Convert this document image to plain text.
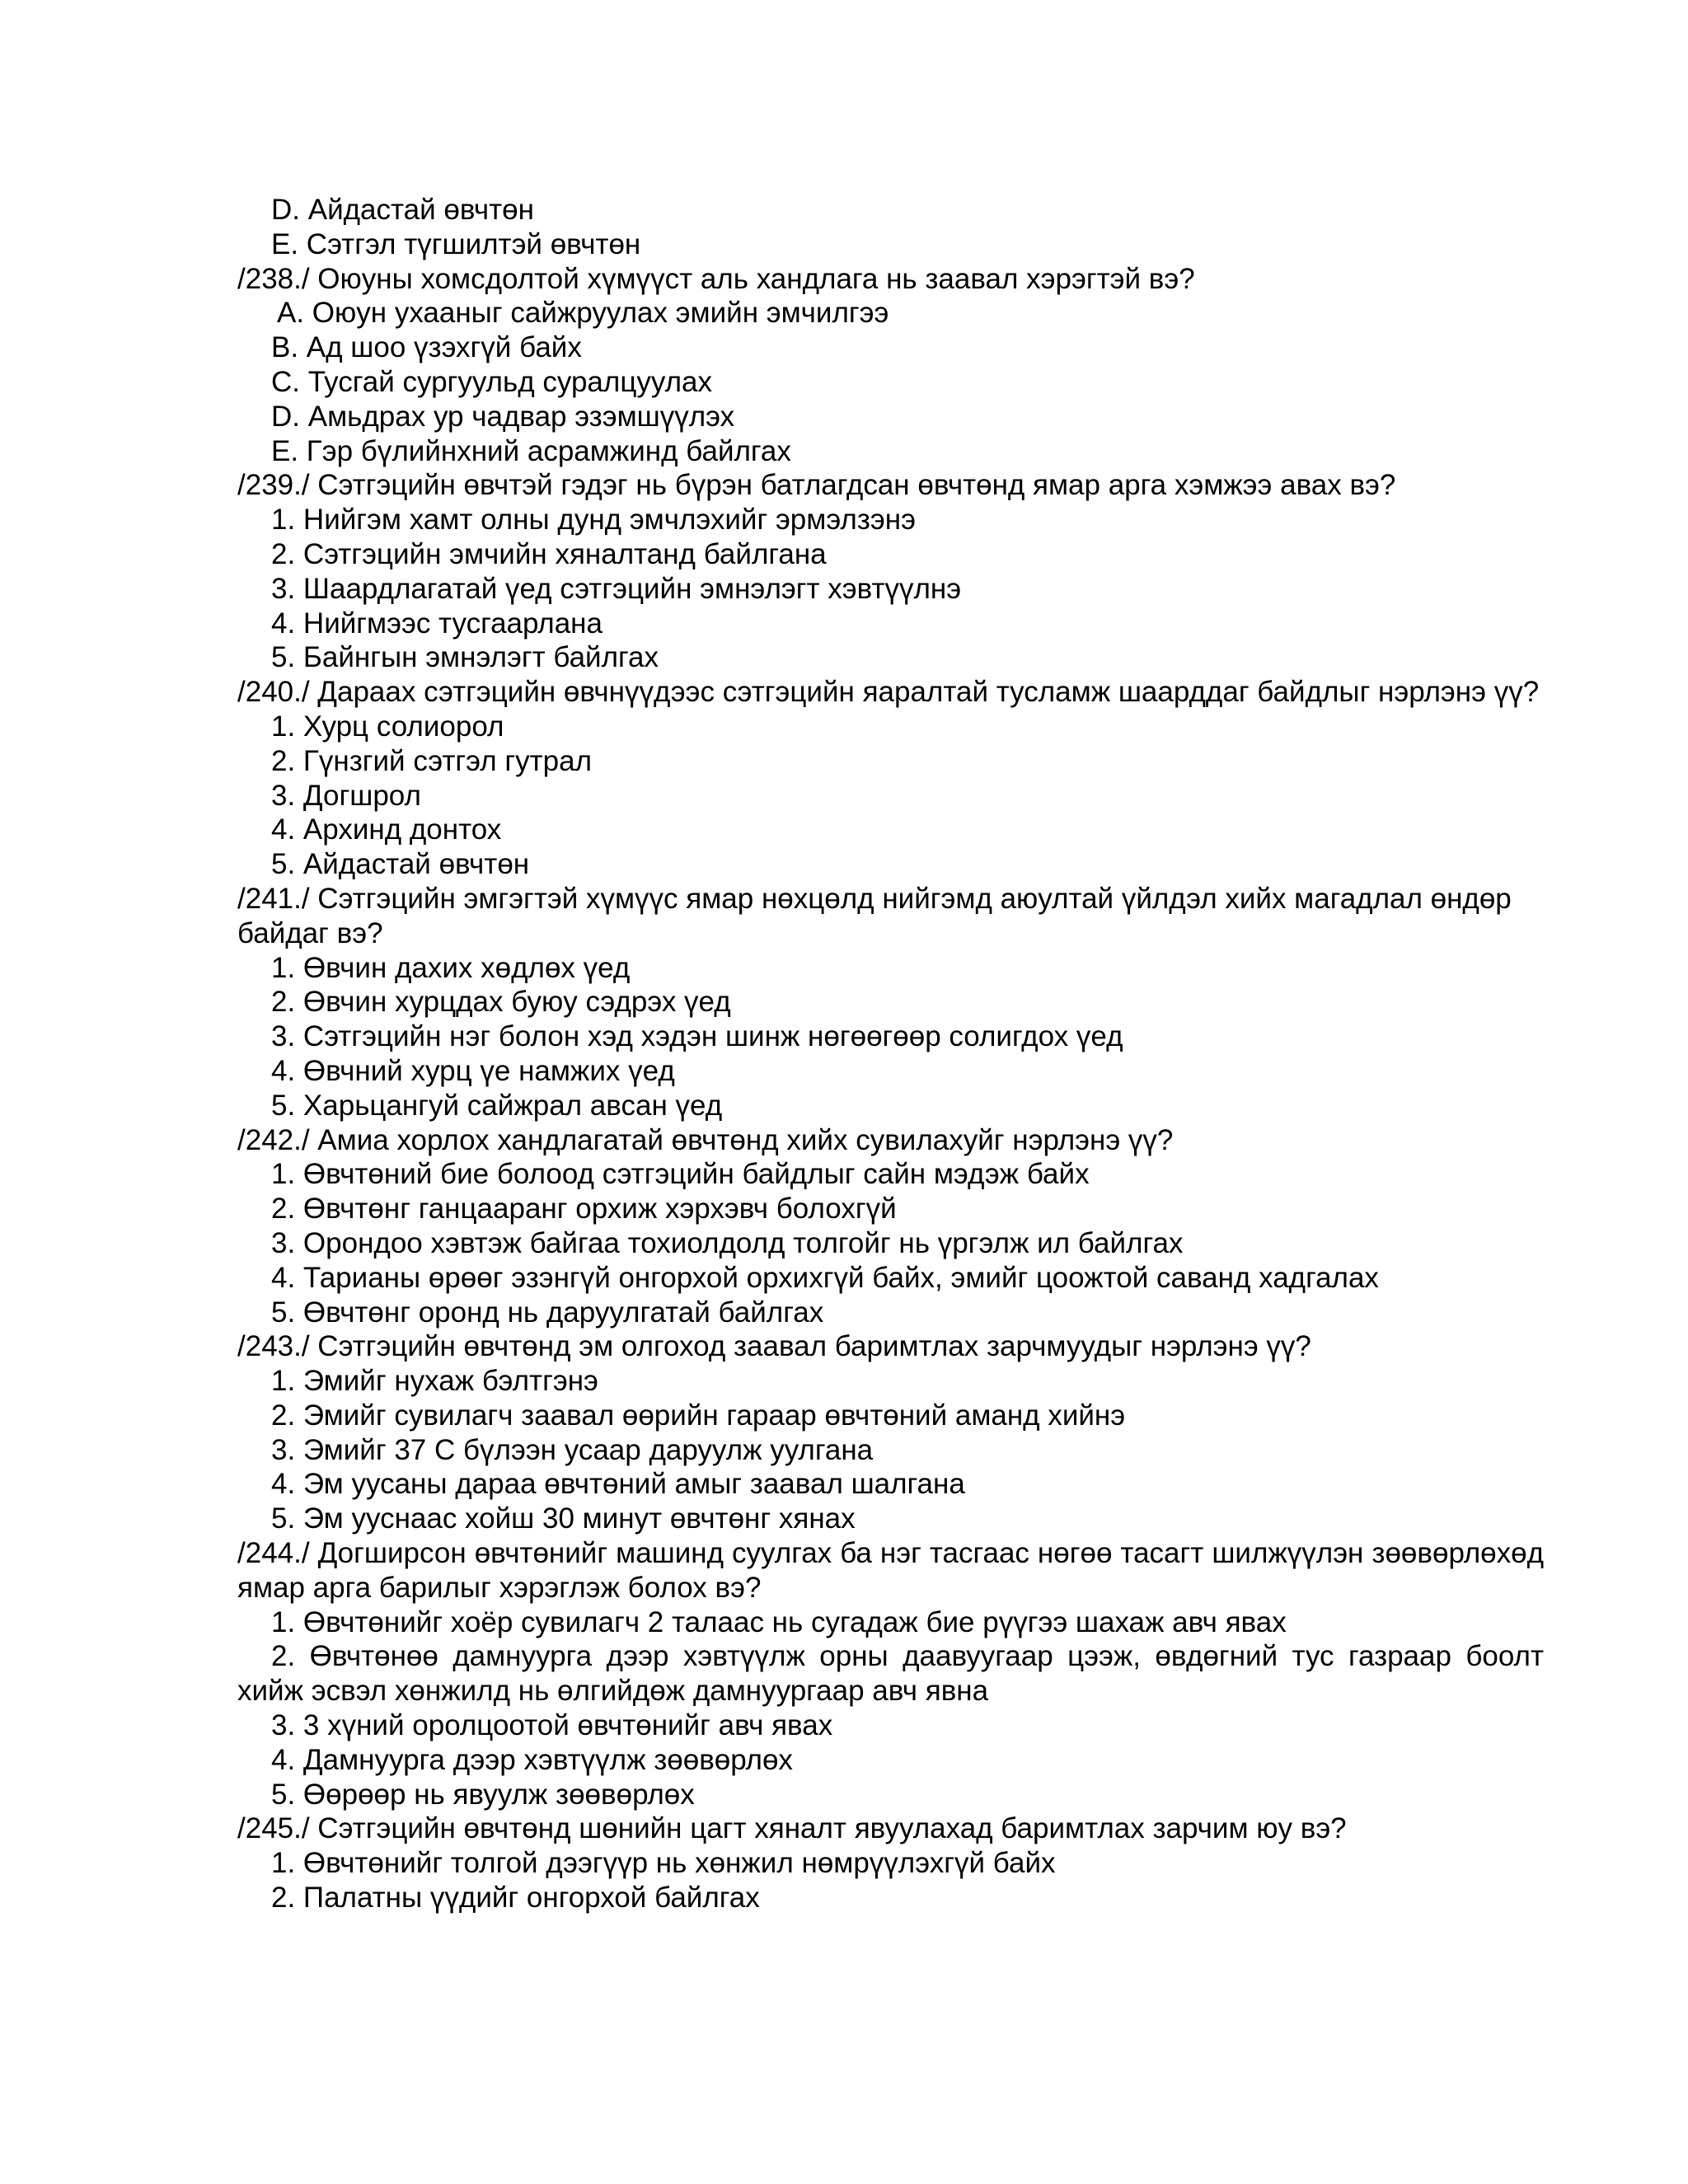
D. Айдастай өвчтөн
E. Сэтгэл түгшилтэй өвчтөн
/238./ Оюуны хомсдолтой хүмүүст аль хандлага нь заавал хэрэгтэй вэ?
A. Оюун ухааныг сайжруулах эмийн эмчилгээ
B. Ад шоо үзэхгүй байх
C. Тусгай сургуульд суралцуулах
D. Амьдрах ур чадвар эзэмшүүлэх
E. Гэр бүлийнхний асрамжинд байлгах
/239./ Сэтгэцийн өвчтэй гэдэг нь бүрэн батлагдсан өвчтөнд ямар арга хэмжээ авах вэ?
1. Нийгэм хамт олны дунд эмчлэхийг эрмэлзэнэ
2. Сэтгэцийн эмчийн хяналтанд байлгана
3. Шаардлагатай үед сэтгэцийн эмнэлэгт хэвтүүлнэ
4. Нийгмээс тусгаарлана
5. Байнгын эмнэлэгт байлгах
/240./ Дараах сэтгэцийн өвчнүүдээс сэтгэцийн яаралтай тусламж шаарддаг байдлыг нэрлэнэ үү?
1. Хурц солиорол
2. Гүнзгий сэтгэл гутрал
3. Догшрол
4. Архинд донтох
5. Айдастай өвчтөн
/241./ Сэтгэцийн эмгэгтэй хүмүүс ямар нөхцөлд нийгэмд аюултай үйлдэл хийх магадлал өндөр байдаг вэ?
1. Өвчин дахих хөдлөх үед
2. Өвчин хурцдах буюу сэдрэх үед
3. Сэтгэцийн нэг болон хэд хэдэн шинж нөгөөгөөр солигдох үед
4. Өвчний хурц үе намжих үед
5. Харьцангуй сайжрал авсан үед
/242./ Амиа хорлох хандлагатай өвчтөнд хийх сувилахуйг нэрлэнэ үү?
1. Өвчтөний бие болоод сэтгэцийн байдлыг сайн мэдэж байх
2. Өвчтөнг ганцаарaнг орхиж хэрхэвч болохгүй
3. Орондоо хэвтэж байгаа тохиолдолд толгойг нь үргэлж ил байлгах
4. Тарианы өрөөг эзэнгүй онгорхой орхихгүй байх, эмийг цоожтой саванд хадгалах
5. Өвчтөнг оронд нь даруулгатай байлгах
/243./ Сэтгэцийн өвчтөнд эм олгоход заавал баримтлах зарчмуудыг нэрлэнэ үү?
1. Эмийг нухаж бэлтгэнэ
2. Эмийг сувилагч заавал өөрийн гараар өвчтөний аманд хийнэ
3. Эмийг 37 С бүлээн усаар даруулж уулгана
4. Эм уусаны дараа өвчтөний амыг заавал шалгана
5. Эм ууснаас хойш 30 минут өвчтөнг хянах
/244./ Догширсон өвчтөнийг машинд суулгах ба нэг тасгаас нөгөө тасагт шилжүүлэн зөөвөрлөхөд ямар арга барилыг хэрэглэж болох вэ?
1. Өвчтөнийг хоёр сувилагч 2 талаас нь сугадаж бие рүүгээ шахаж авч явах
2. Өвчтөнөө дамнуурга дээр хэвтүүлж орны даавуугаар цээж, өвдөгний тус газраар боолт хийж эсвэл хөнжилд нь өлгийдөж дамнуургаар авч явна
3. 3 хүний оролцоотой өвчтөнийг авч явах
4. Дамнуурга дээр хэвтүүлж зөөвөрлөх
5. Өөрөөр нь явуулж зөөвөрлөх
/245./ Сэтгэцийн өвчтөнд шөнийн цагт хяналт явуулахад баримтлах зарчим юу вэ?
1. Өвчтөнийг толгой дээгүүр нь хөнжил нөмрүүлэхгүй байх
2. Палатны үүдийг онгорхой байлгах
